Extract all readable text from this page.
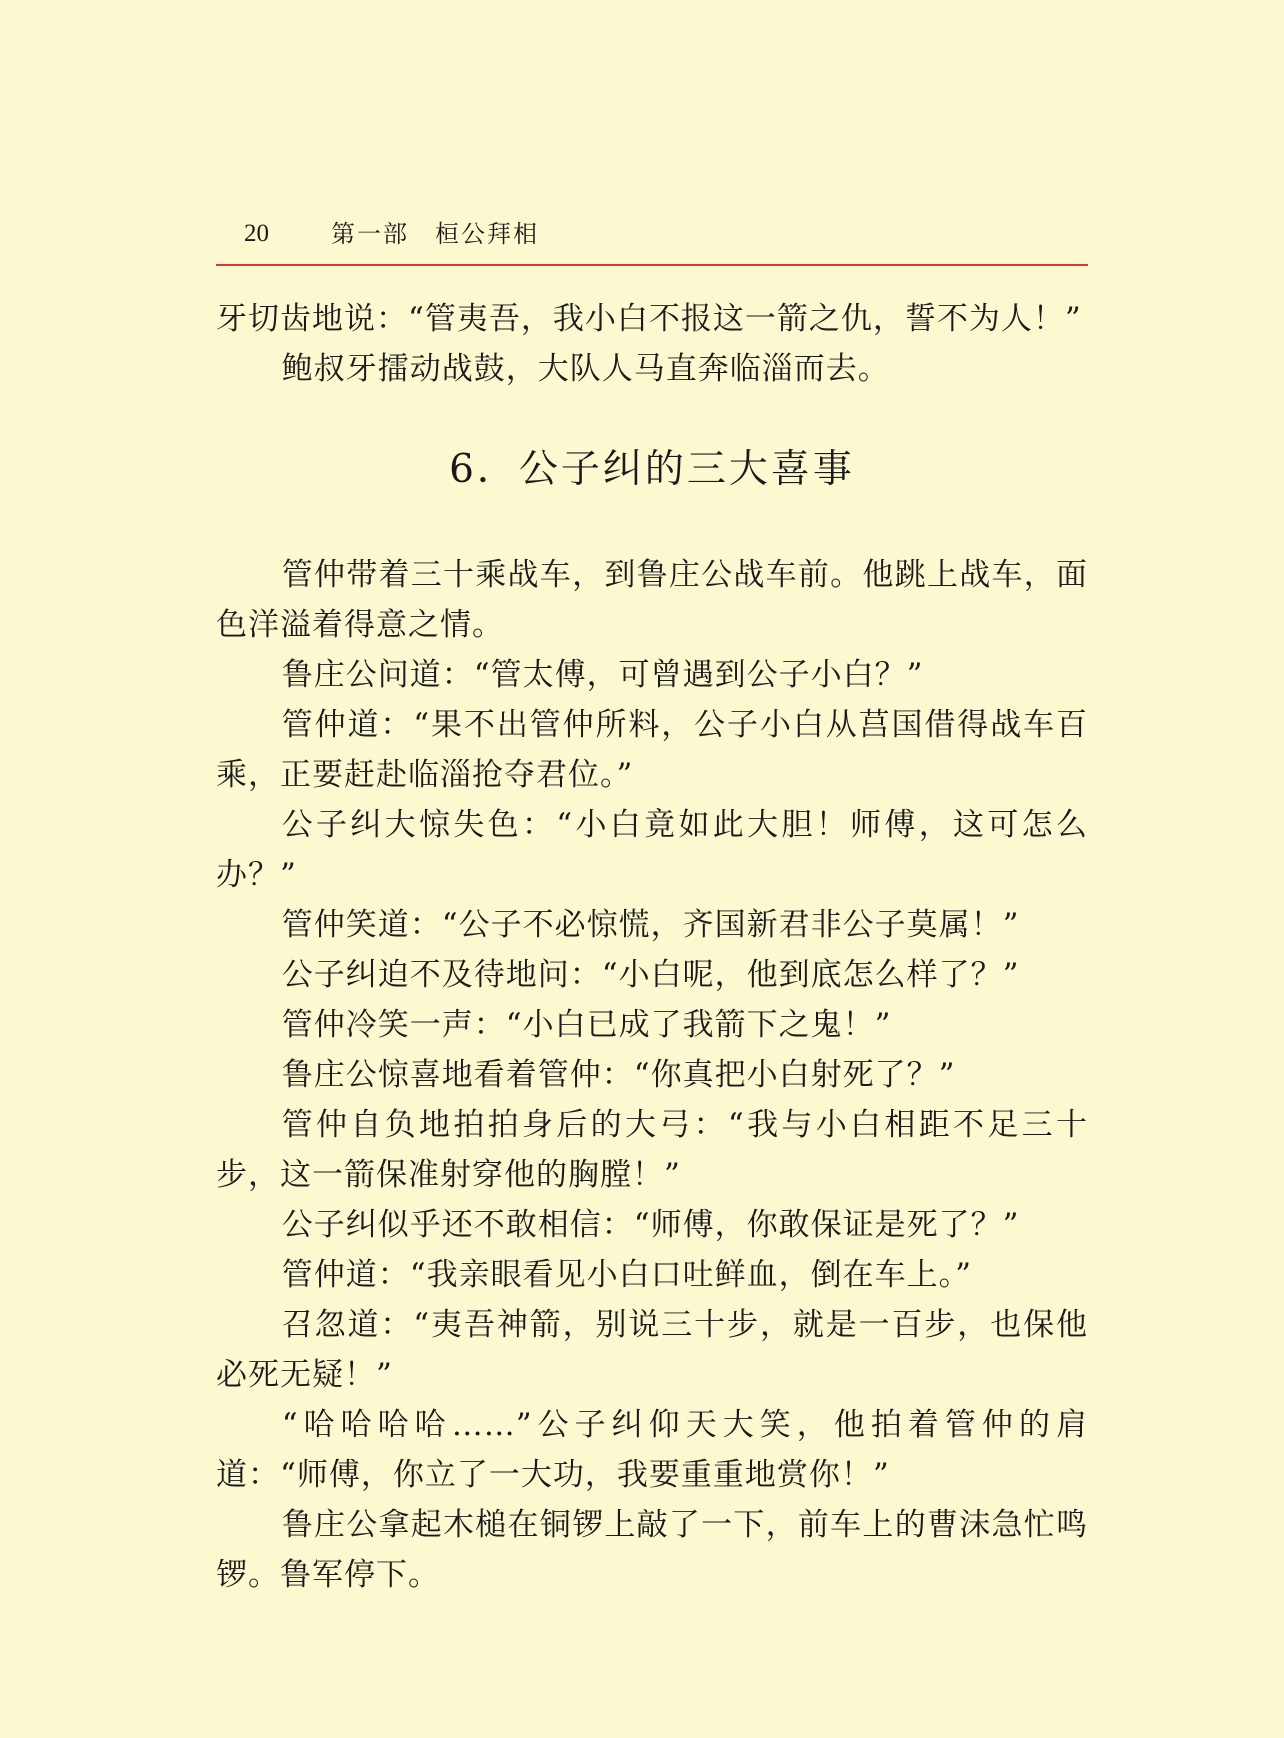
20	第一部　桓公拜相

牙切齿地说：“管夷吾，我小白不报这一箭之仇，誓不为人！”

鲍叔牙擂动战鼓，大队人马直奔临淄而去。

6．公子纠的三大喜事

管仲带着三十乘战车，到鲁庄公战车前。他跳上战车，面色洋溢着得意之情。

鲁庄公问道：“管太傅，可曾遇到公子小白？”

管仲道：“果不出管仲所料，公子小白从莒国借得战车百乘，正要赶赴临淄抢夺君位。”

公子纠大惊失色：“小白竟如此大胆！师傅，这可怎么办？”

管仲笑道：“公子不必惊慌，齐国新君非公子莫属！”

公子纠迫不及待地问：“小白呢，他到底怎么样了？”

管仲冷笑一声：“小白已成了我箭下之鬼！”

鲁庄公惊喜地看着管仲：“你真把小白射死了？”

管仲自负地拍拍身后的大弓：“我与小白相距不足三十步，这一箭保准射穿他的胸膛！”

公子纠似乎还不敢相信：“师傅，你敢保证是死了？”

管仲道：“我亲眼看见小白口吐鲜血，倒在车上。”

召忽道：“夷吾神箭，别说三十步，就是一百步，也保他必死无疑！”

“哈哈哈哈……”公子纠仰天大笑，他拍着管仲的肩道：“师傅，你立了一大功，我要重重地赏你！”

鲁庄公拿起木槌在铜锣上敲了一下，前车上的曹沫急忙鸣锣。鲁军停下。
